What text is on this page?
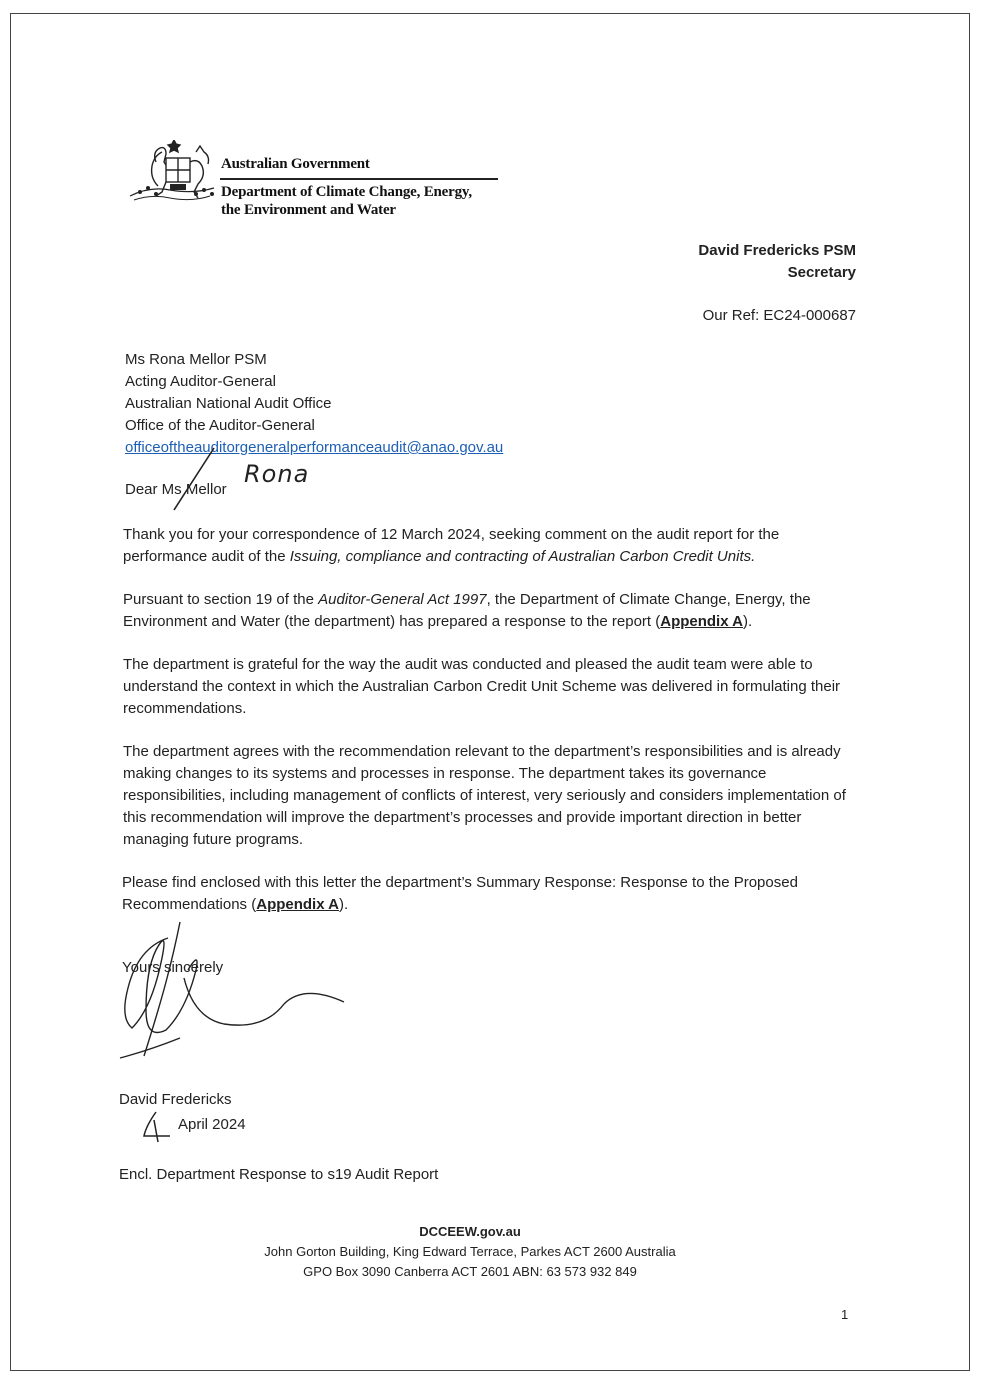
Australian Government
Department of Climate Change, Energy,
the Environment and Water
David Fredericks PSM
Secretary
Our Ref: EC24-000687
Ms Rona Mellor PSM
Acting Auditor-General
Australian National Audit Office
Office of the Auditor-General
officeoftheauditorgeneralperformanceaudit@anao.gov.au
Dear Ms Mellor
Rona

Thank you for your correspondence of 12 March 2024, seeking comment on the audit report for the performance audit of the Issuing, compliance and contracting of Australian Carbon Credit Units.

Pursuant to section 19 of the Auditor-General Act 1997, the Department of Climate Change, Energy, the Environment and Water (the department) has prepared a response to the report (Appendix A).

The department is grateful for the way the audit was conducted and pleased the audit team were able to understand the context in which the Australian Carbon Credit Unit Scheme was delivered in formulating their recommendations.

The department agrees with the recommendation relevant to the department’s responsibilities and is already making changes to its systems and processes in response. The department takes its governance responsibilities, including management of conflicts of interest, very seriously and considers implementation of this recommendation will improve the department’s processes and provide important direction in better managing future programs.

Please find enclosed with this letter the department’s Summary Response: Response to the Proposed Recommendations (Appendix A).

Yours sincerely
David Fredericks
April 2024
Encl. Department Response to s19 Audit Report
DCCEEW.gov.au
John Gorton Building, King Edward Terrace, Parkes ACT 2600 Australia
GPO Box 3090 Canberra ACT 2601 ABN: 63 573 932 849
1
